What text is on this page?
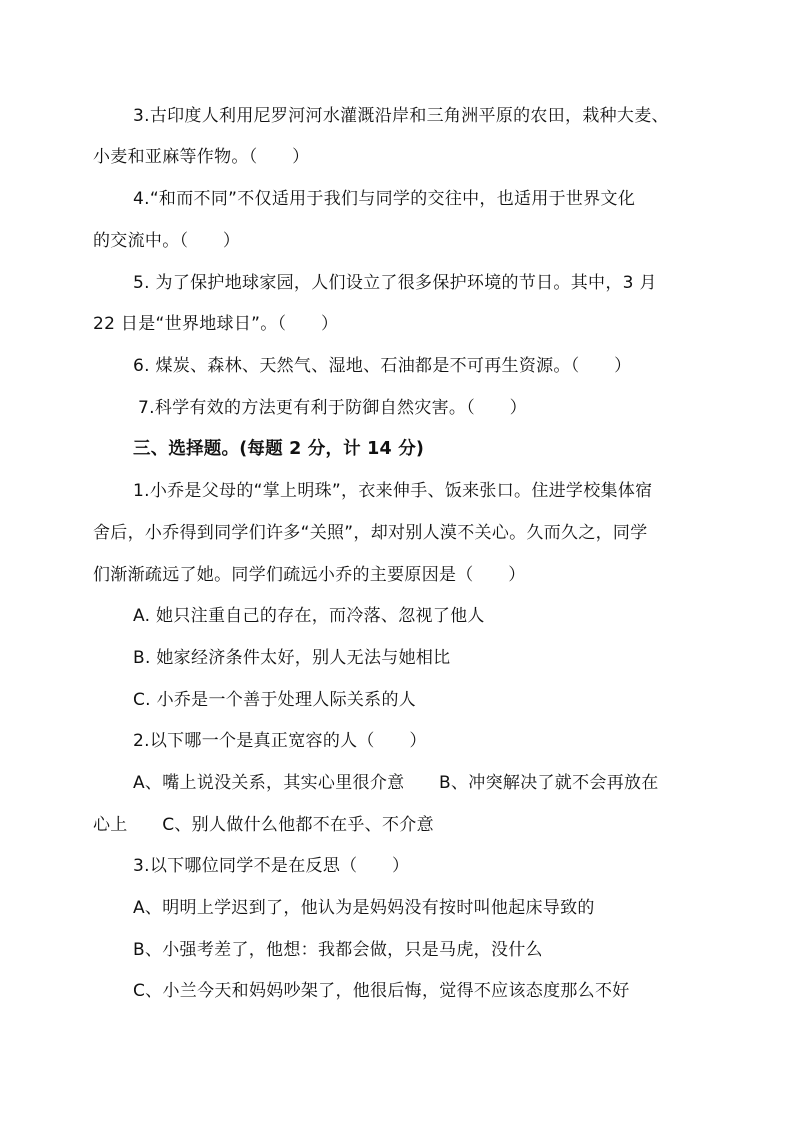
3.古印度人利用尼罗河河水灌溉沿岸和三角洲平原的农田，栽种大麦、
小麦和亚麻等作物。（　　）
4.“和而不同”不仅适用于我们与同学的交往中，也适用于世界文化
的交流中。（　　）
5. 为了保护地球家园，人们设立了很多保护环境的节日。其中，3 月
22 日是“世界地球日”。（　　）
6. 煤炭、森林、天然气、湿地、石油都是不可再生资源。（　　）
7.科学有效的方法更有利于防御自然灾害。（　　）
三、选择题。(每题 2 分，计 14 分)
1.小乔是父母的“掌上明珠”，衣来伸手、饭来张口。住进学校集体宿
舍后，小乔得到同学们许多“关照”，却对别人漠不关心。久而久之，同学
们渐渐疏远了她。同学们疏远小乔的主要原因是（　　）
A. 她只注重自己的存在，而冷落、忽视了他人
B. 她家经济条件太好，别人无法与她相比
C. 小乔是一个善于处理人际关系的人
2.以下哪一个是真正宽容的人（　　）
A、嘴上说没关系，其实心里很介意　　B、冲突解决了就不会再放在
心上　　C、别人做什么他都不在乎、不介意
3.以下哪位同学不是在反思（　　）
A、明明上学迟到了，他认为是妈妈没有按时叫他起床导致的
B、小强考差了，他想：我都会做，只是马虎，没什么
C、小兰今天和妈妈吵架了，他很后悔，觉得不应该态度那么不好
